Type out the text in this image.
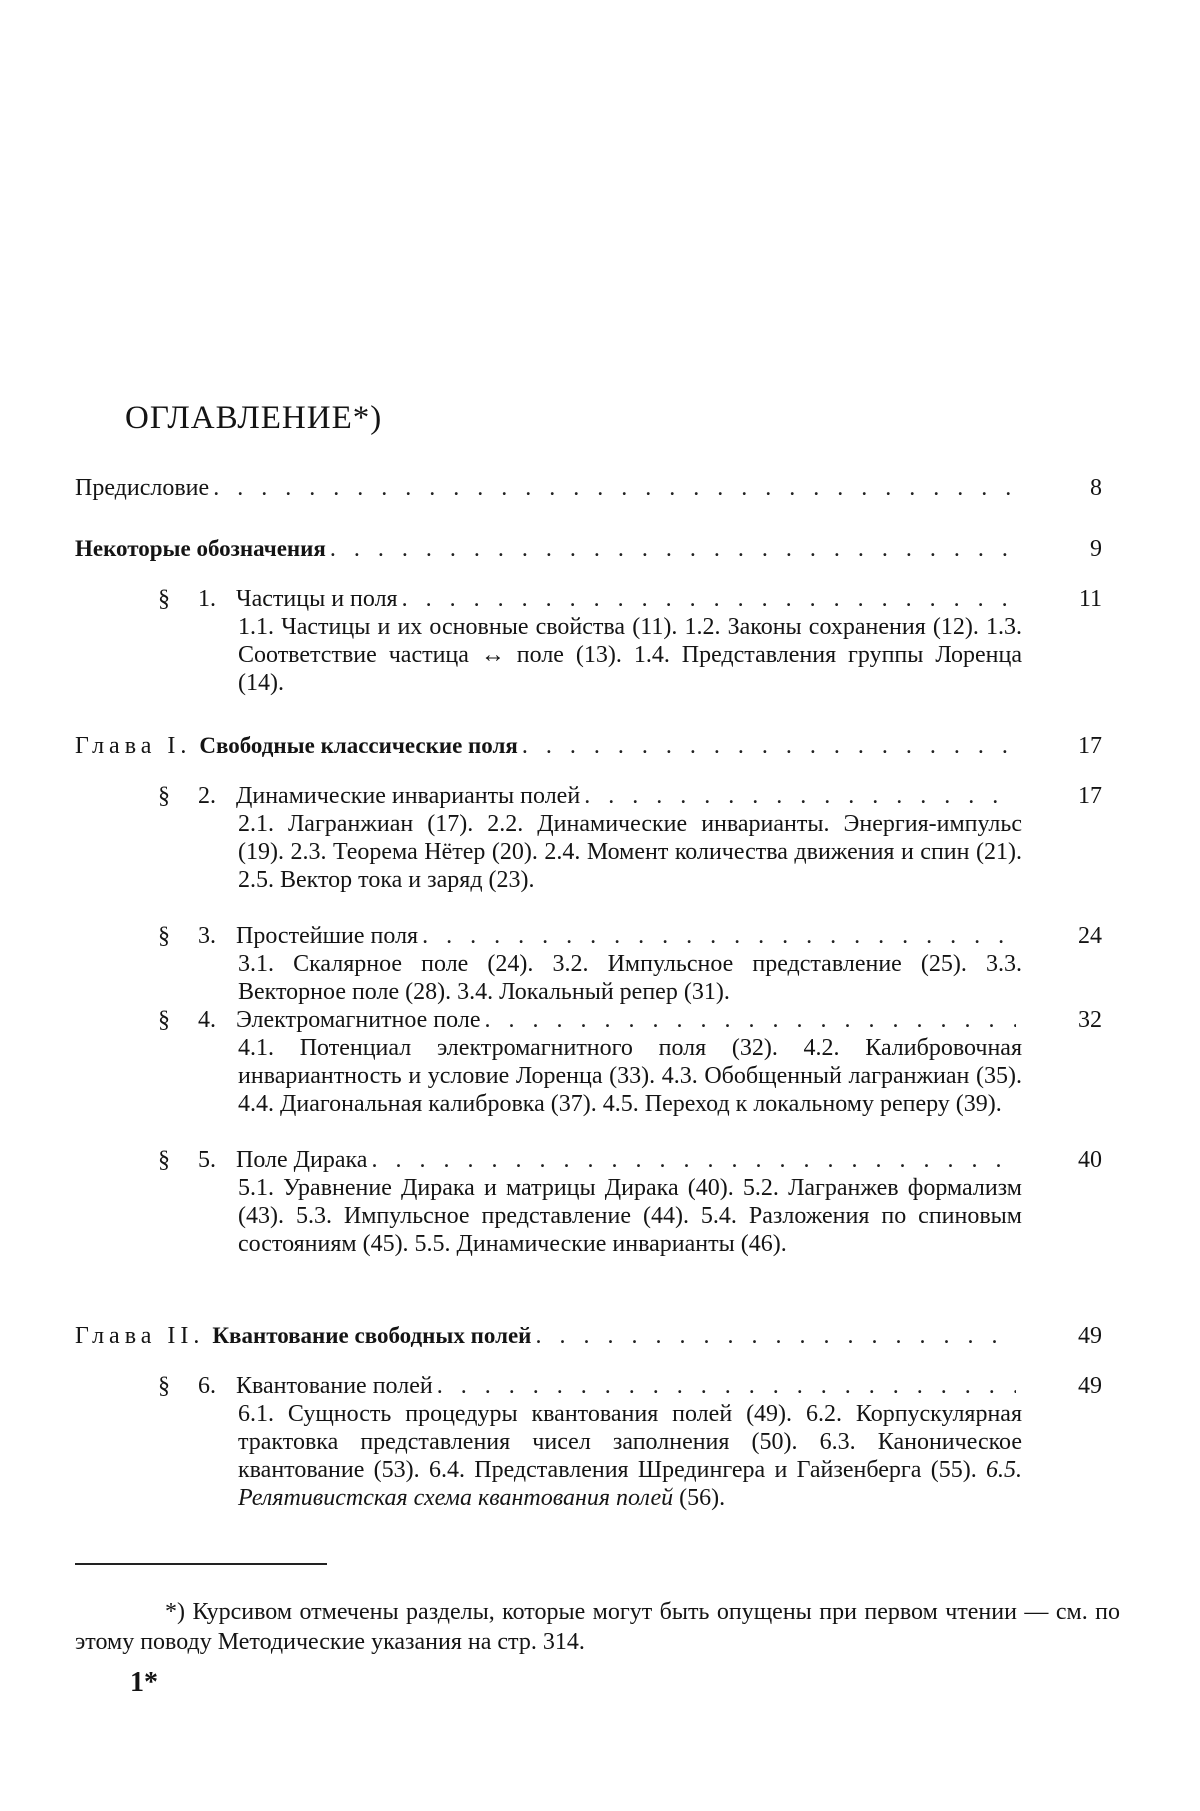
ОГЛАВЛЕНИЕ*)
Предисловие . . .	8
Некоторые обозначения . . .	9
§ 1. Частицы и поля . . .	11

1.1. Частицы и их основные свойства (11). 1.2. Законы сохранения (12). 1.3. Соответствие частица ↔ поле (13). 1.4. Представления группы Лоренца (14).

Глава I. Свободные классические поля . . .	17
§ 2. Динамические инварианты полей . . .	17

2.1. Лагранжиан (17). 2.2. Динамические инварианты. Энергия-импульс (19). 2.3. Теорема Нётер (20). 2.4. Момент количества движения и спин (21). 2.5. Вектор тока и заряд (23).

§ 3. Простейшие поля . . .	24

3.1. Скалярное поле (24). 3.2. Импульсное представление (25). 3.3. Векторное поле (28). 3.4. Локальный репер (31).

§ 4. Электромагнитное поле . . .	32

4.1. Потенциал электромагнитного поля (32). 4.2. Калибровочная инвариантность и условие Лоренца (33). 4.3. Обобщенный лагранжиан (35). 4.4. Диагональная калибровка (37). 4.5. Переход к локальному реперу (39).

§ 5. Поле Дирака . . .	40

5.1. Уравнение Дирака и матрицы Дирака (40). 5.2. Лагранжев формализм (43). 5.3. Импульсное представление (44). 5.4. Разложения по спиновым состояниям (45). 5.5. Динамические инварианты (46).

Глава II. Квантование свободных полей . . .	49
§ 6. Квантование полей . . .	49

6.1. Сущность процедуры квантования полей (49). 6.2. Корпускулярная трактовка представления чисел заполнения (50). 6.3. Каноническое квантование (53). 6.4. Представления Шредингера и Гайзенберга (55). 6.5. Релятивистская схема квантования полей (56).

*) Курсивом отмечены разделы, которые могут быть опущены при первом чтении — см. по этому поводу Методические указания на стр. 314.

1*
